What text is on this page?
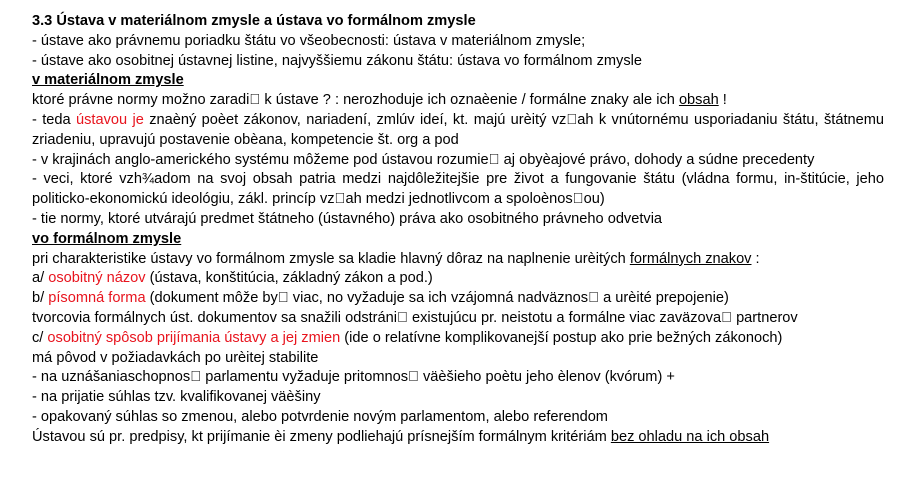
3.3 Ústava v materiálnom zmysle a ústava vo formálnom zmysle
- ústave ako právnemu poriadku štátu vo všeobecnosti: ústava v materiálnom zmysle;
- ústave ako osobitnej ústavnej listine, najvyššiemu zákonu štátu: ústava vo formálnom zmysle
v materiálnom zmysle
ktoré právne normy možno zaradi  k ústave ? : nerozhoduje ich oznaèenie / formálne znaky ale ich obsah !
- teda ústavou je znaèný poèet zákonov, nariadení, zmlúv ideí, kt. majú urèitý vz ah k vnútornému usporiadaniu štátu, štátnemu zriadeniu, upravujú postavenie obèana, kompetencie št. org a pod
- v krajinách anglo-amerického systému môžeme pod ústavou rozumie  aj obyèajové právo, dohody a súdne precedenty
- veci, ktoré vzh¾adom na svoj obsah patria medzi najdôležitejšie pre život a fungovanie štátu (vládna formu, in-štitúcie, jeho politicko-ekonomickú ideológiu, zákl. princíp vz ah medzi jednotlivcom a spoloènos ou)
- tie normy, ktoré utvárajú predmet štátneho (ústavného) práva ako osobitného právneho odvetvia
vo formálnom zmysle
pri charakteristike ústavy vo formálnom zmysle sa kladie hlavný dôraz na naplnenie urèitých formálnych znakov :
a/ osobitný názov (ústava, konštitúcia, základný zákon a pod.)
b/ písomná forma (dokument môže by  viac, no vyžaduje sa ich vzájomná nadväznos  a urèité prepojenie)
tvorcovia formálnych úst. dokumentov sa snažili odstráni  existujúcu pr. neistotu a formálne viac zaväzova  partnerov
c/ osobitný spôsob prijímania ústavy a jej zmien (ide o relatívne komplikovanejší postup ako prie bežných zákonoch)
má pôvod v požiadavkách po urèitej stabilite
- na uznášaniaschopnos  parlamentu vyžaduje pritomnos  väèšieho poètu jeho èlenov (kvórum) +
- na prijatie súhlas tzv. kvalifikovanej väèšiny
- opakovaný súhlas so zmenou, alebo potvrdenie novým parlamentom, alebo referendom
Ústavou sú pr. predpisy, kt prijímanie èi zmeny podliehajú prísnejším formálnym kritériám bez ohladu na ich obsah
